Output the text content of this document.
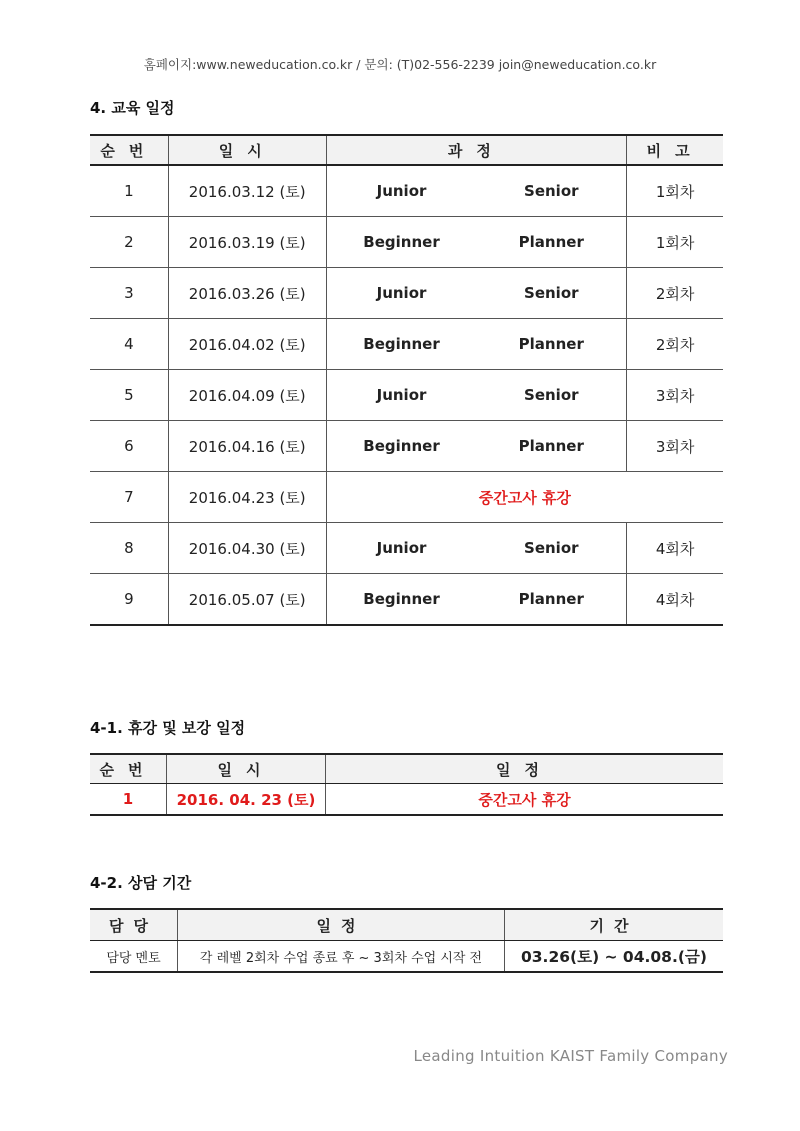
홈페이지:www.neweducation.co.kr / 문의: (T)02-556-2239 join@neweducation.co.kr
4. 교육 일정
순번	일시	과정	비고
1	2016.03.12 (토)	Junior Senior	1회차
2	2016.03.19 (토)	Beginner Planner	1회차
3	2016.03.26 (토)	Junior Senior	2회차
4	2016.04.02 (토)	Beginner Planner	2회차
5	2016.04.09 (토)	Junior Senior	3회차
6	2016.04.16 (토)	Beginner Planner	3회차
7	2016.04.23 (토)	중간고사 휴강	
8	2016.04.30 (토)	Junior Senior	4회차
9	2016.05.07 (토)	Beginner Planner	4회차
4-1. 휴강 및 보강 일정
순번	일시	일정
1	2016. 04. 23 (토)	중간고사 휴강
4-2. 상담 기간
담당	일정	기간
담당 멘토	각 레벨 2회차 수업 종료 후 ~ 3회차 수업 시작 전	03.26(토) ~ 04.08.(금)
Leading Intuition KAIST Family Company
